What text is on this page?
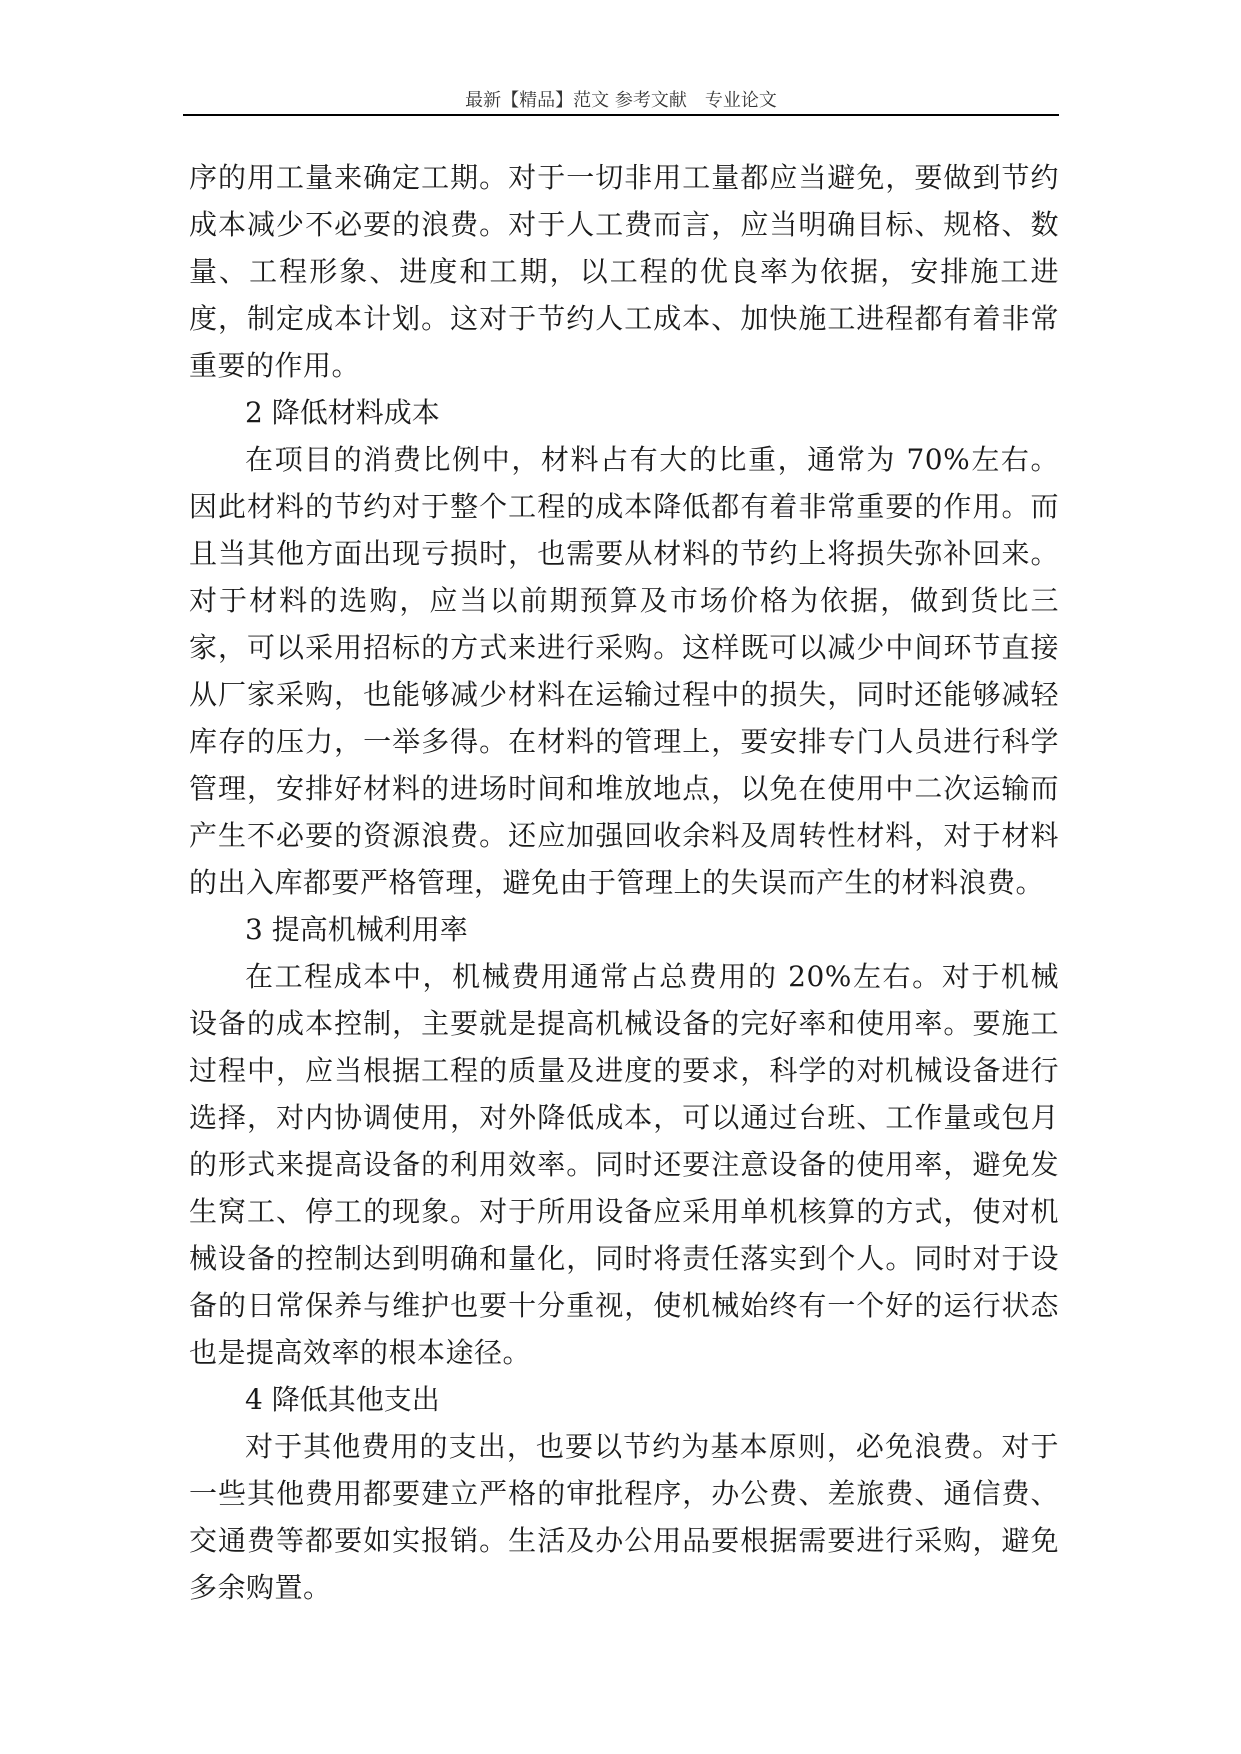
最新【精品】范文 参考文献　专业论文

序的用工量来确定工期。对于一切非用工量都应当避免，要做到节约成本减少不必要的浪费。对于人工费而言，应当明确目标、规格、数量、工程形象、进度和工期，以工程的优良率为依据，安排施工进度，制定成本计划。这对于节约人工成本、加快施工进程都有着非常重要的作用。

2 降低材料成本

在项目的消费比例中，材料占有大的比重，通常为 70%左右。因此材料的节约对于整个工程的成本降低都有着非常重要的作用。而且当其他方面出现亏损时，也需要从材料的节约上将损失弥补回来。对于材料的选购，应当以前期预算及市场价格为依据，做到货比三家，可以采用招标的方式来进行采购。这样既可以减少中间环节直接从厂家采购，也能够减少材料在运输过程中的损失，同时还能够减轻库存的压力，一举多得。在材料的管理上，要安排专门人员进行科学管理，安排好材料的进场时间和堆放地点，以免在使用中二次运输而产生不必要的资源浪费。还应加强回收余料及周转性材料，对于材料的出入库都要严格管理，避免由于管理上的失误而产生的材料浪费。

3 提高机械利用率

在工程成本中，机械费用通常占总费用的 20%左右。对于机械设备的成本控制，主要就是提高机械设备的完好率和使用率。要施工过程中，应当根据工程的质量及进度的要求，科学的对机械设备进行选择，对内协调使用，对外降低成本，可以通过台班、工作量或包月的形式来提高设备的利用效率。同时还要注意设备的使用率，避免发生窝工、停工的现象。对于所用设备应采用单机核算的方式，使对机械设备的控制达到明确和量化，同时将责任落实到个人。同时对于设备的日常保养与维护也要十分重视，使机械始终有一个好的运行状态也是提高效率的根本途径。

4 降低其他支出

对于其他费用的支出，也要以节约为基本原则，必免浪费。对于一些其他费用都要建立严格的审批程序，办公费、差旅费、通信费、交通费等都要如实报销。生活及办公用品要根据需要进行采购，避免多余购置。
